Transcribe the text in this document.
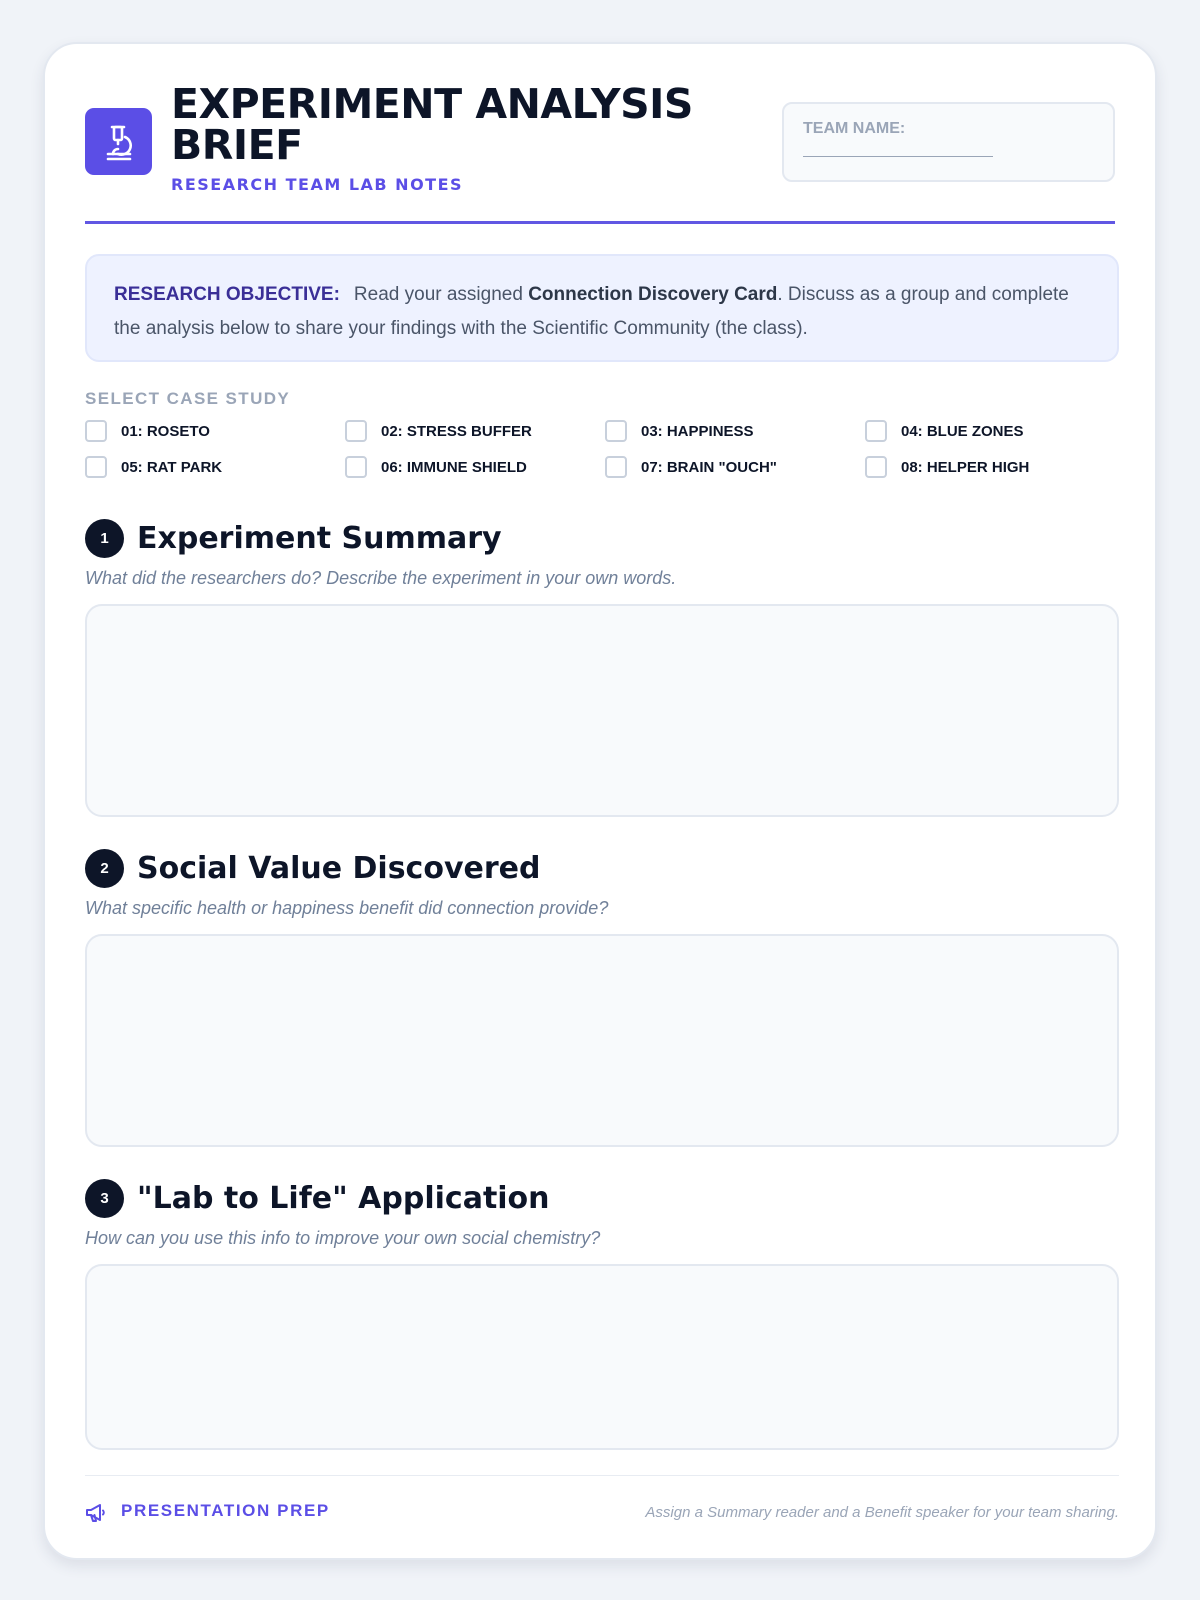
EXPERIMENT ANALYSIS BRIEF
RESEARCH TEAM LAB NOTES
TEAM NAME:
RESEARCH OBJECTIVE: Read your assigned Connection Discovery Card. Discuss as a group and complete the analysis below to share your findings with the Scientific Community (the class).
SELECT CASE STUDY
01: ROSETO	02: STRESS BUFFER	03: HAPPINESS	04: BLUE ZONES
05: RAT PARK	06: IMMUNE SHIELD	07: BRAIN "OUCH"	08: HELPER HIGH
1 Experiment Summary
What did the researchers do? Describe the experiment in your own words.
2 Social Value Discovered
What specific health or happiness benefit did connection provide?
3 "Lab to Life" Application
How can you use this info to improve your own social chemistry?
PRESENTATION PREP	Assign a Summary reader and a Benefit speaker for your team sharing.
